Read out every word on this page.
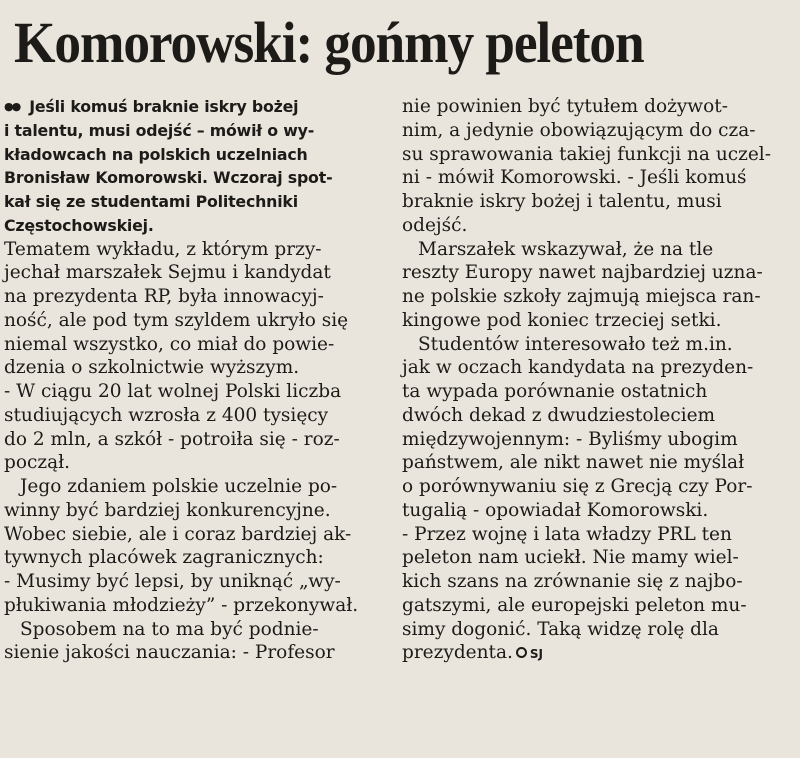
Komorowski: gońmy peleton
●● Jeśli komuś braknie iskry bożej
i talentu, musi odejść – mówił o wy-
kładowcach na polskich uczelniach
Bronisław Komorowski. Wczoraj spot-
kał się ze studentami Politechniki
Częstochowskiej.
Tematem wykładu, z którym przy-
jechał marszałek Sejmu i kandydat
na prezydenta RP, była innowacyj-
ność, ale pod tym szyldem ukryło się
niemal wszystko, co miał do powie-
dzenia o szkolnictwie wyższym.
- W ciągu 20 lat wolnej Polski liczba
studiujących wzrosła z 400 tysięcy
do 2 mln, a szkół - potroiła się - roz-
począł.
Jego zdaniem polskie uczelnie po-
winny być bardziej konkurencyjne.
Wobec siebie, ale i coraz bardziej ak-
tywnych placówek zagranicznych:
- Musimy być lepsi, by uniknąć „wy-
płukiwania młodzieży” - przekonywał.
Sposobem na to ma być podnie-
sienie jakości nauczania: - Profesor
nie powinien być tytułem dożywot-
nim, a jedynie obowiązującym do cza-
su sprawowania takiej funkcji na uczel-
ni - mówił Komorowski. - Jeśli komuś
braknie iskry bożej i talentu, musi
odejść.
Marszałek wskazywał, że na tle
reszty Europy nawet najbardziej uzna-
ne polskie szkoły zajmują miejsca ran-
kingowe pod koniec trzeciej setki.
Studentów interesowało też m.in.
jak w oczach kandydata na prezyden-
ta wypada porównanie ostatnich
dwóch dekad z dwudziestoleciem
międzywojennym: - Byliśmy ubogim
państwem, ale nikt nawet nie myślał
o porównywaniu się z Grecją czy Por-
tugalią - opowiadał Komorowski.
- Przez wojnę i lata władzy PRL ten
peleton nam uciekł. Nie mamy wiel-
kich szans na zrównanie się z najbo-
gatszymi, ale europejski peleton mu-
simy dogonić. Taką widzę rolę dla
prezydenta. SJ
